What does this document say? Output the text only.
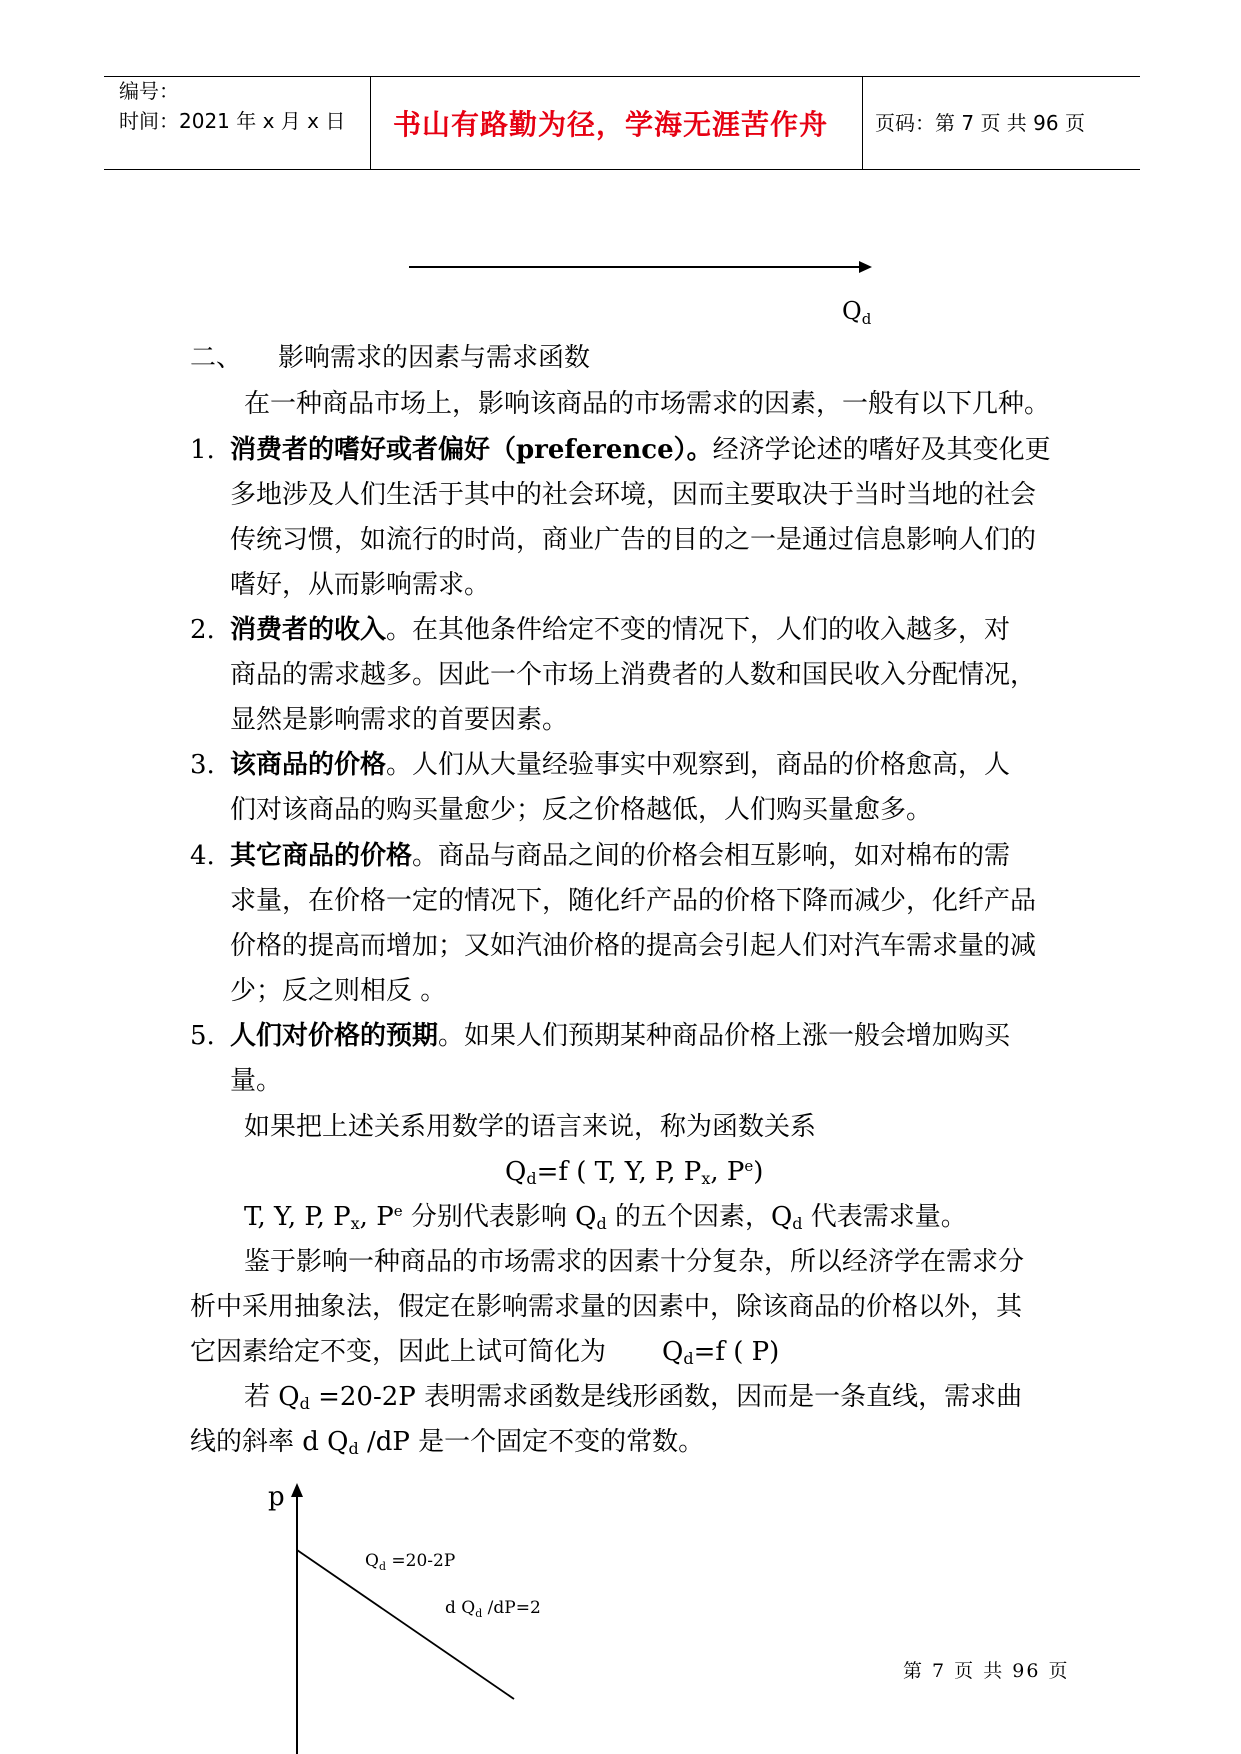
编号：
时间：2021 年 x 月 x 日 书山有路勤为径，学海无涯苦作舟 页码：第 7 页 共 96 页
$Q_d$
二、 影响需求的因素与需求函数
在一种商品市场上，影响该商品的市场需求的因素，一般有以下几种。
1. 消费者的嗜好或者偏好（preference）。经济学论述的嗜好及其变化更
多地涉及人们生活于其中的社会环境，因而主要取决于当时当地的社会
传统习惯，如流行的时尚，商业广告的目的之一是通过信息影响人们的
嗜好，从而影响需求。
2. 消费者的收入。在其他条件给定不变的情况下，人们的收入越多，对
商品的需求越多。因此一个市场上消费者的人数和国民收入分配情况，
显然是影响需求的首要因素。
3. 该商品的价格。人们从大量经验事实中观察到，商品的价格愈高，人
们对该商品的购买量愈少；反之价格越低，人们购买量愈多。
4. 其它商品的价格。商品与商品之间的价格会相互影响，如对棉布的需
求量，在价格一定的情况下，随化纤产品的价格下降而减少，化纤产品
价格的提高而增加；又如汽油价格的提高会引起人们对汽车需求量的减
少；反之则相反 。
5. 人们对价格的预期。如果人们预期某种商品价格上涨一般会增加购买
量。
如果把上述关系用数学的语言来说，称为函数关系
$Q_d=f$ ( T, Y, P, $P_x$, $P^e$)
T, Y, P, $P_x$, $P^e$ 分别代表影响 $Q_d$ 的五个因素，$Q_d$ 代表需求量。
鉴于影响一种商品的市场需求的因素十分复杂，所以经济学在需求分
析中采用抽象法，假定在影响需求量的因素中，除该商品的价格以外，其
它因素给定不变，因此上试可简化为 $Q_d=f$ ( P)
若 $Q_d =20-2P$ 表明需求函数是线形函数，因而是一条直线，需求曲
线的斜率 d $Q_d$ /dP 是一个固定不变的常数。
p
$Q_d =20-2P$
d $Q_d$ /dP=2
第 7 页 共 96 页
